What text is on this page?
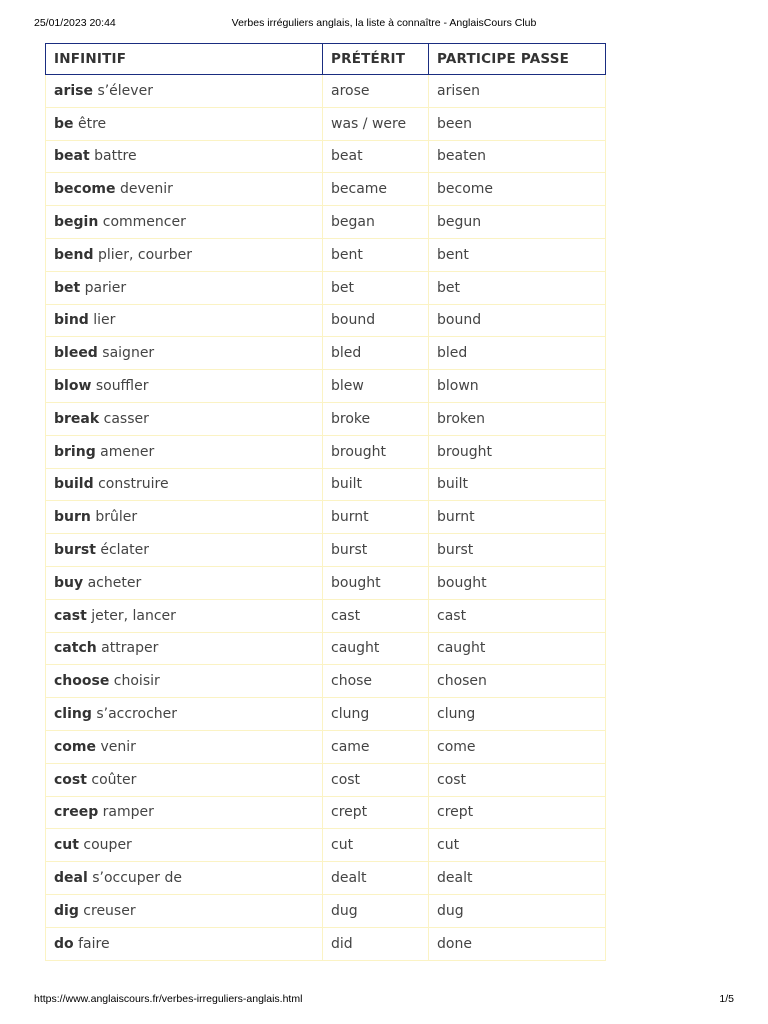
25/01/2023 20:44	Verbes irréguliers anglais, la liste à connaître - AnglaisCours Club
INFINITIF	PRÉTÉRIT	PARTICIPE PASSE
arise s’élever	arose	arisen
be être	was / were	been
beat battre	beat	beaten
become devenir	became	become
begin commencer	began	begun
bend plier, courber	bent	bent
bet parier	bet	bet
bind lier	bound	bound
bleed saigner	bled	bled
blow souffler	blew	blown
break casser	broke	broken
bring amener	brought	brought
build construire	built	built
burn brûler	burnt	burnt
burst éclater	burst	burst
buy acheter	bought	bought
cast jeter, lancer	cast	cast
catch attraper	caught	caught
choose choisir	chose	chosen
cling s’accrocher	clung	clung
come venir	came	come
cost coûter	cost	cost
creep ramper	crept	crept
cut couper	cut	cut
deal s’occuper de	dealt	dealt
dig creuser	dug	dug
do faire	did	done
https://www.anglaiscours.fr/verbes-irreguliers-anglais.html	1/5
